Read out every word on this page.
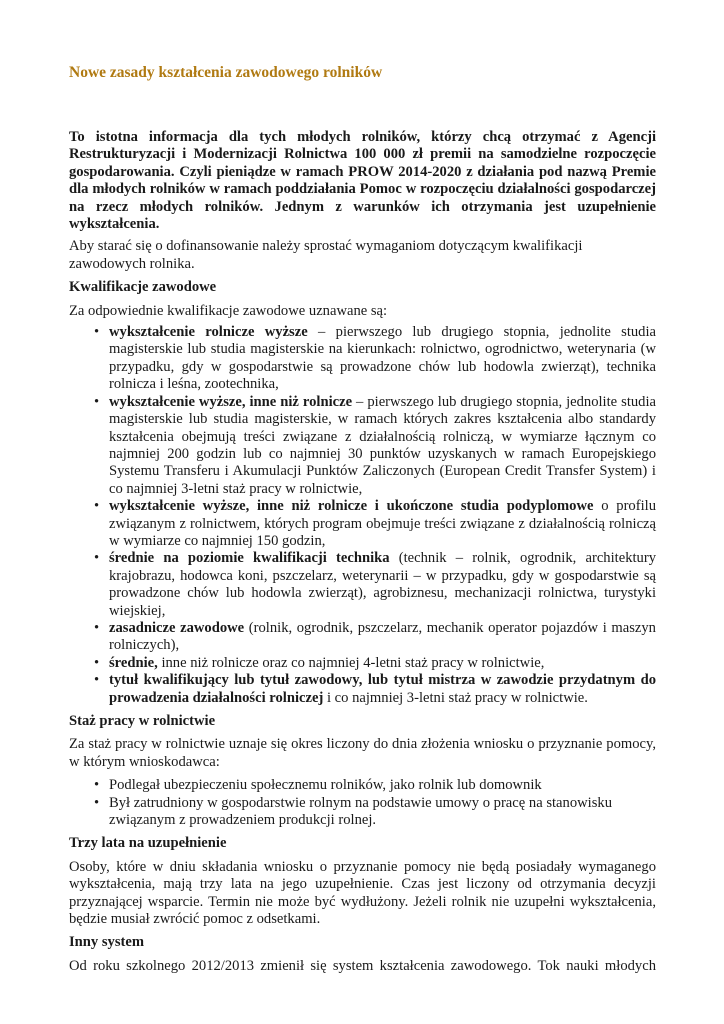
Nowe zasady kształcenia zawodowego rolników

To istotna informacja dla tych młodych rolników, którzy chcą otrzymać z Agencji Restrukturyzacji i Modernizacji Rolnictwa 100 000 zł premii na samodzielne rozpoczęcie gospodarowania. Czyli pieniądze w ramach PROW 2014-2020 z działania pod nazwą Premie dla młodych rolników w ramach poddziałania Pomoc w rozpoczęciu działalności gospodarczej na rzecz młodych rolników. Jednym z warunków ich otrzymania jest uzupełnienie wykształcenia.

Aby starać się o dofinansowanie należy sprostać wymaganiom dotyczącym kwalifikacji zawodowych rolnika.

Kwalifikacje zawodowe

Za odpowiednie kwalifikacje zawodowe uznawane są:

• wykształcenie rolnicze wyższe – pierwszego lub drugiego stopnia, jednolite studia magisterskie lub studia magisterskie na kierunkach: rolnictwo, ogrodnictwo, weterynaria (w przypadku, gdy w gospodarstwie są prowadzone chów lub hodowla zwierząt), technika rolnicza i leśna, zootechnika,
• wykształcenie wyższe, inne niż rolnicze – pierwszego lub drugiego stopnia, jednolite studia magisterskie lub studia magisterskie, w ramach których zakres kształcenia albo standardy kształcenia obejmują treści związane z działalnością rolniczą, w wymiarze łącznym co najmniej 200 godzin lub co najmniej 30 punktów uzyskanych w ramach Europejskiego Systemu Transferu i Akumulacji Punktów Zaliczonych (European Credit Transfer System) i co najmniej 3-letni staż pracy w rolnictwie,
• wykształcenie wyższe, inne niż rolnicze i ukończone studia podyplomowe o profilu związanym z rolnictwem, których program obejmuje treści związane z działalnością rolniczą w wymiarze co najmniej 150 godzin,
• średnie na poziomie kwalifikacji technika (technik – rolnik, ogrodnik, architektury krajobrazu, hodowca koni, pszczelarz, weterynarii – w przypadku, gdy w gospodarstwie są prowadzone chów lub hodowla zwierząt), agrobiznesu, mechanizacji rolnictwa, turystyki wiejskiej,
• zasadnicze zawodowe (rolnik, ogrodnik, pszczelarz, mechanik operator pojazdów i maszyn rolniczych),
• średnie, inne niż rolnicze oraz co najmniej 4-letni staż pracy w rolnictwie,
• tytuł kwalifikujący lub tytuł zawodowy, lub tytuł mistrza w zawodzie przydatnym do prowadzenia działalności rolniczej i co najmniej 3-letni staż pracy w rolnictwie.

Staż pracy w rolnictwie

Za staż pracy w rolnictwie uznaje się okres liczony do dnia złożenia wniosku o przyznanie pomocy, w którym wnioskodawca:

• Podlegał ubezpieczeniu społecznemu rolników, jako rolnik lub domownik
• Był zatrudniony w gospodarstwie rolnym na podstawie umowy o pracę na stanowisku związanym z prowadzeniem produkcji rolnej.

Trzy lata na uzupełnienie

Osoby, które w dniu składania wniosku o przyznanie pomocy nie będą posiadały wymaganego wykształcenia, mają trzy lata na jego uzupełnienie. Czas jest liczony od otrzymania decyzji przyznającej wsparcie. Termin nie może być wydłużony. Jeżeli rolnik nie uzupełni wykształcenia, będzie musiał zwrócić pomoc z odsetkami.

Inny system

Od roku szkolnego 2012/2013 zmienił się system kształcenia zawodowego. Tok nauki młodych
